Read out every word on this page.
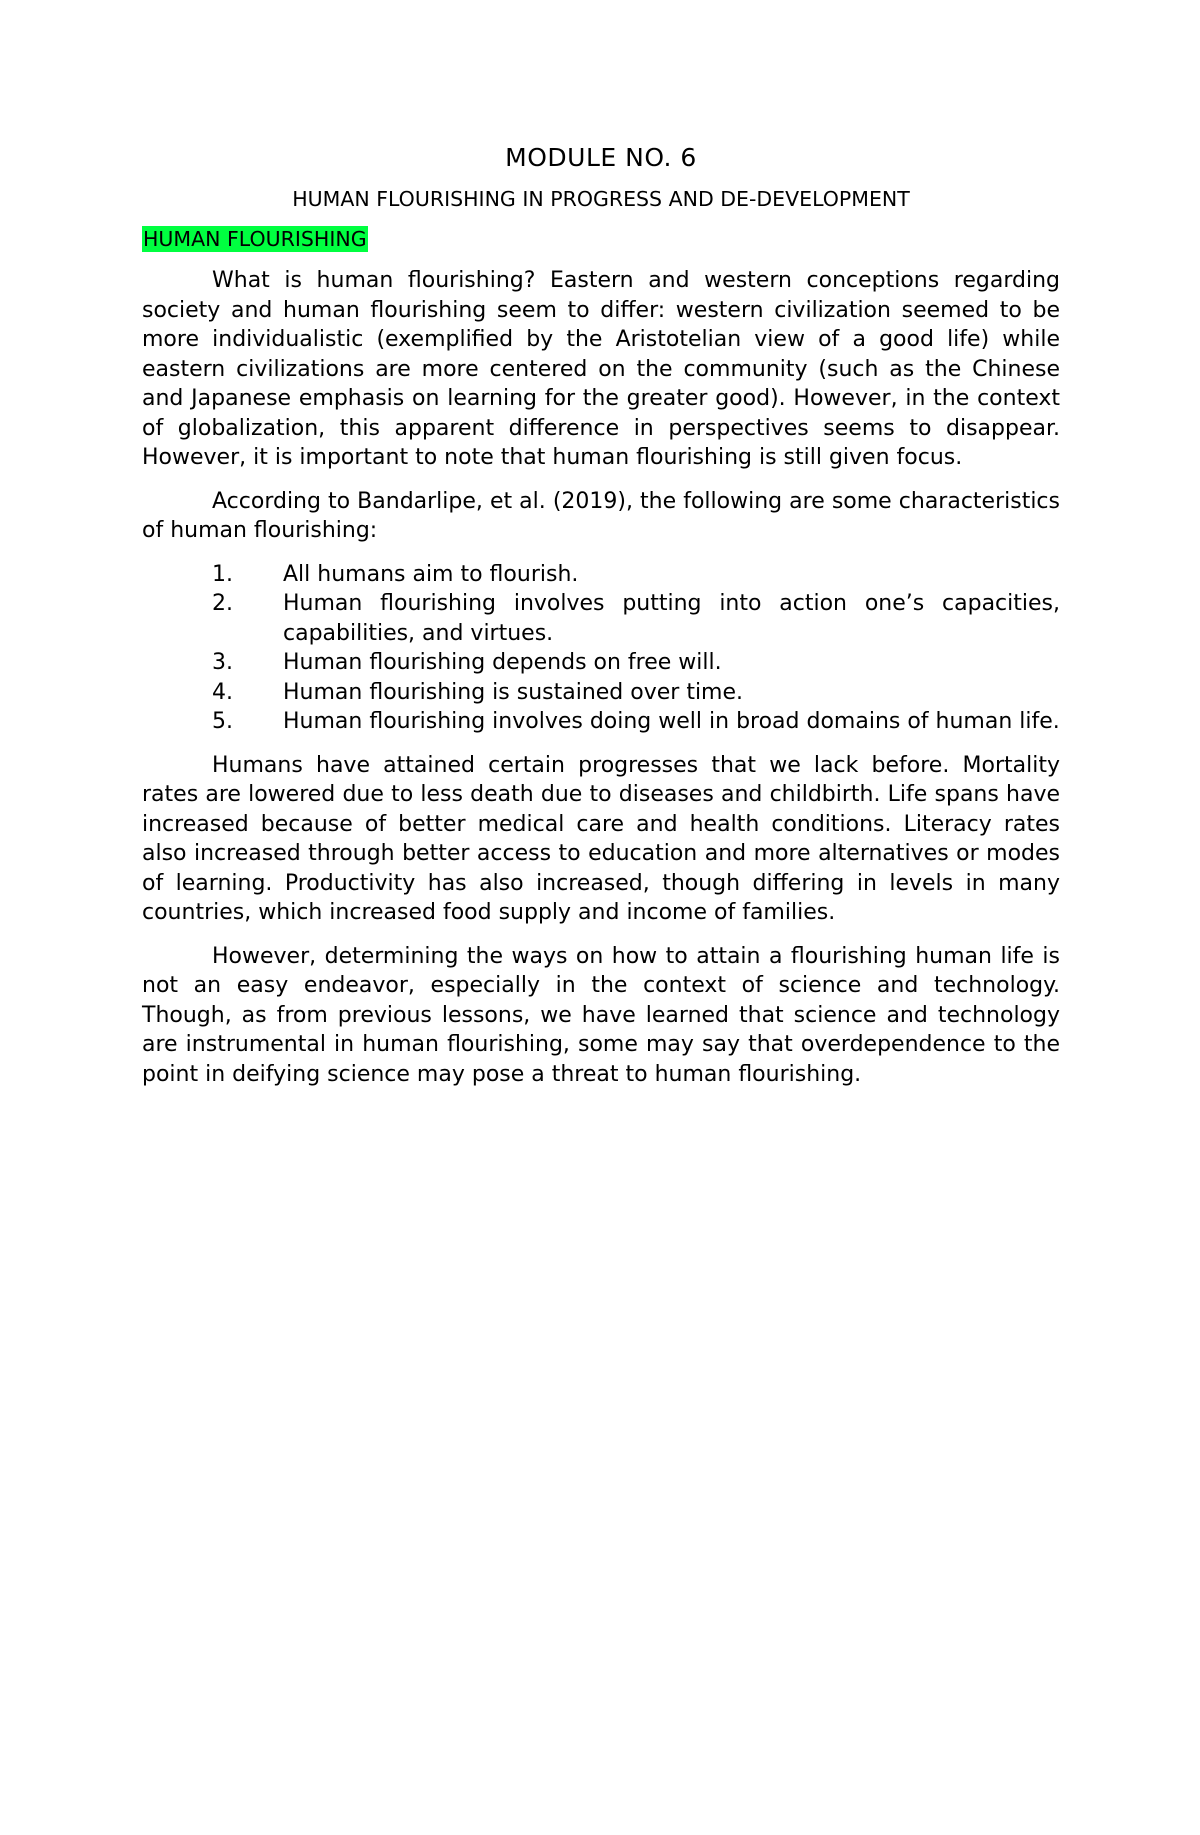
MODULE NO. 6
HUMAN FLOURISHING IN PROGRESS AND DE-DEVELOPMENT
HUMAN FLOURISHING

What is human flourishing? Eastern and western conceptions regarding society and human flourishing seem to differ: western civilization seemed to be more individualistic (exemplified by the Aristotelian view of a good life) while eastern civilizations are more centered on the community (such as the Chinese and Japanese emphasis on learning for the greater good). However, in the context of globalization, this apparent difference in perspectives seems to disappear. However, it is important to note that human flourishing is still given focus.

According to Bandarlipe, et al. (2019), the following are some characteristics of human flourishing:

1. All humans aim to flourish.
2. Human flourishing involves putting into action one’s capacities, capabilities, and virtues.
3. Human flourishing depends on free will.
4. Human flourishing is sustained over time.
5. Human flourishing involves doing well in broad domains of human life.

Humans have attained certain progresses that we lack before. Mortality rates are lowered due to less death due to diseases and childbirth. Life spans have increased because of better medical care and health conditions. Literacy rates also increased through better access to education and more alternatives or modes of learning. Productivity has also increased, though differing in levels in many countries, which increased food supply and income of families.

However, determining the ways on how to attain a flourishing human life is not an easy endeavor, especially in the context of science and technology. Though, as from previous lessons, we have learned that science and technology are instrumental in human flourishing, some may say that overdependence to the point in deifying science may pose a threat to human flourishing.
